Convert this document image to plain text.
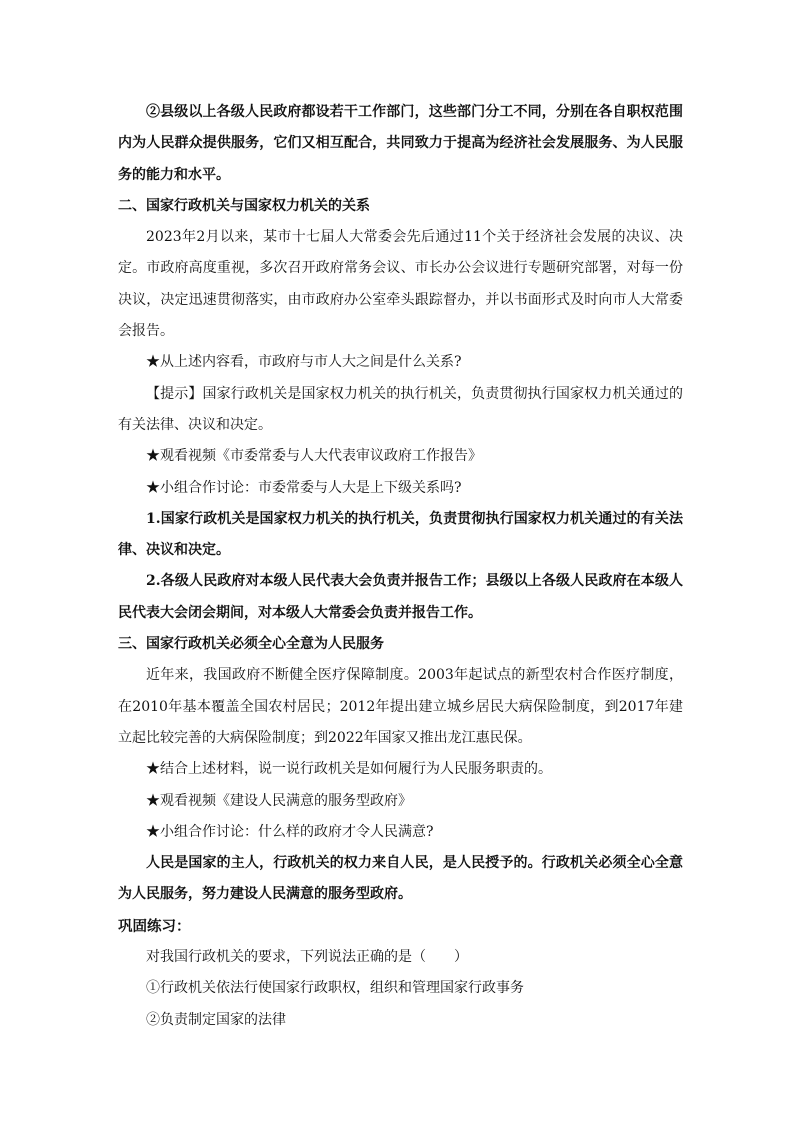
②县级以上各级人民政府都设若干工作部门，这些部门分工不同，分别在各自职权范围内为人民群众提供服务，它们又相互配合，共同致力于提高为经济社会发展服务、为人民服务的能力和水平。

二、国家行政机关与国家权力机关的关系

2023年2月以来，某市十七届人大常委会先后通过11个关于经济社会发展的决议、决定。市政府高度重视，多次召开政府常务会议、市长办公会议进行专题研究部署，对每一份决议，决定迅速贯彻落实，由市政府办公室牵头跟踪督办，并以书面形式及时向市人大常委会报告。

★从上述内容看，市政府与市人大之间是什么关系?

【提示】国家行政机关是国家权力机关的执行机关，负责贯彻执行国家权力机关通过的有关法律、决议和决定。

★观看视频《市委常委与人大代表审议政府工作报告》

★小组合作讨论：市委常委与人大是上下级关系吗?

1.国家行政机关是国家权力机关的执行机关，负责贯彻执行国家权力机关通过的有关法律、决议和决定。

2.各级人民政府对本级人民代表大会负责并报告工作；县级以上各级人民政府在本级人民代表大会闭会期间，对本级人大常委会负责并报告工作。

三、国家行政机关必须全心全意为人民服务

近年来，我国政府不断健全医疗保障制度。2003年起试点的新型农村合作医疗制度，在2010年基本覆盖全国农村居民；2012年提出建立城乡居民大病保险制度，到2017年建立起比较完善的大病保险制度；到2022年国家又推出龙江惠民保。

★结合上述材料，说一说行政机关是如何履行为人民服务职责的。

★观看视频《建设人民满意的服务型政府》

★小组合作讨论：什么样的政府才令人民满意?

人民是国家的主人，行政机关的权力来自人民，是人民授予的。行政机关必须全心全意为人民服务，努力建设人民满意的服务型政府。

巩固练习：

对我国行政机关的要求，下列说法正确的是（　　）

①行政机关依法行使国家行政职权，组织和管理国家行政事务

②负责制定国家的法律
